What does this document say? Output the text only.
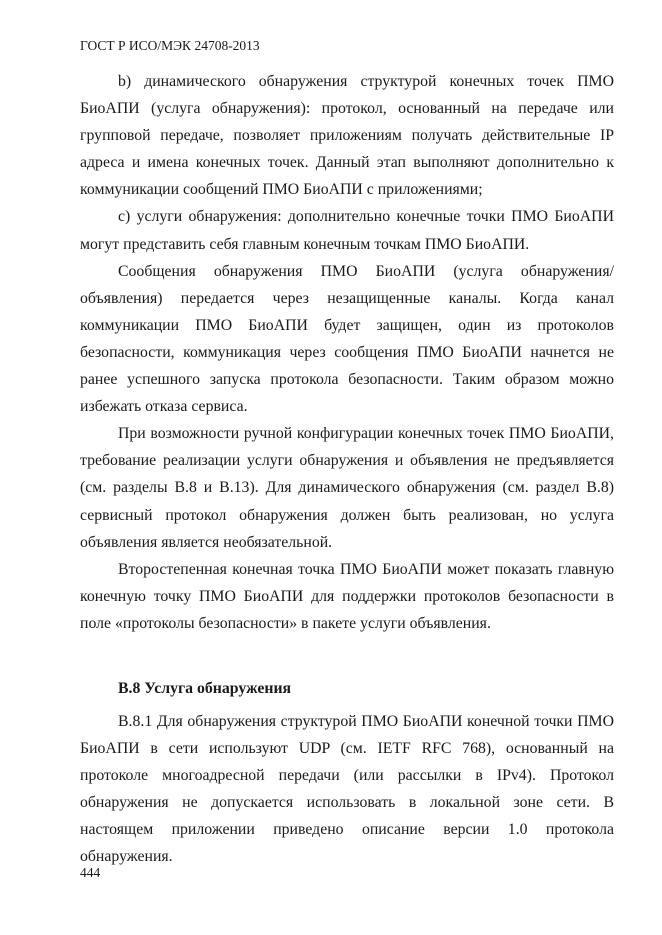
ГОСТ Р ИСО/МЭК 24708-2013

b) динамического обнаружения структурой конечных точек ПМО БиоАПИ (услуга обнаружения): протокол, основанный на передаче или групповой передаче, позволяет приложениям получать действительные IP адреса и имена конечных точек. Данный этап выполняют дополнительно к коммуникации сообщений ПМО БиоАПИ с приложениями;

c) услуги обнаружения: дополнительно конечные точки ПМО БиоАПИ могут представить себя главным конечным точкам ПМО БиоАПИ.

Сообщения обнаружения ПМО БиоАПИ (услуга обнаружения/объявления) передается через незащищенные каналы. Когда канал коммуникации ПМО БиоАПИ будет защищен, один из протоколов безопасности, коммуникация через сообщения ПМО БиоАПИ начнется не ранее успешного запуска протокола безопасности. Таким образом можно избежать отказа сервиса.

При возможности ручной конфигурации конечных точек ПМО БиоАПИ, требование реализации услуги обнаружения и объявления не предъявляется (см. разделы В.8 и В.13). Для динамического обнаружения (см. раздел В.8) сервисный протокол обнаружения должен быть реализован, но услуга объявления является необязательной.

Второстепенная конечная точка ПМО БиоАПИ может показать главную конечную точку ПМО БиоАПИ для поддержки протоколов безопасности в поле «протоколы безопасности» в пакете услуги объявления.

В.8 Услуга обнаружения

В.8.1 Для обнаружения структурой ПМО БиоАПИ конечной точки ПМО БиоАПИ в сети используют UDP (см. IETF RFC 768), основанный на протоколе многоадресной передачи (или рассылки в IPv4). Протокол обнаружения не допускается использовать в локальной зоне сети. В настоящем приложении приведено описание версии 1.0 протокола обнаружения.

444
